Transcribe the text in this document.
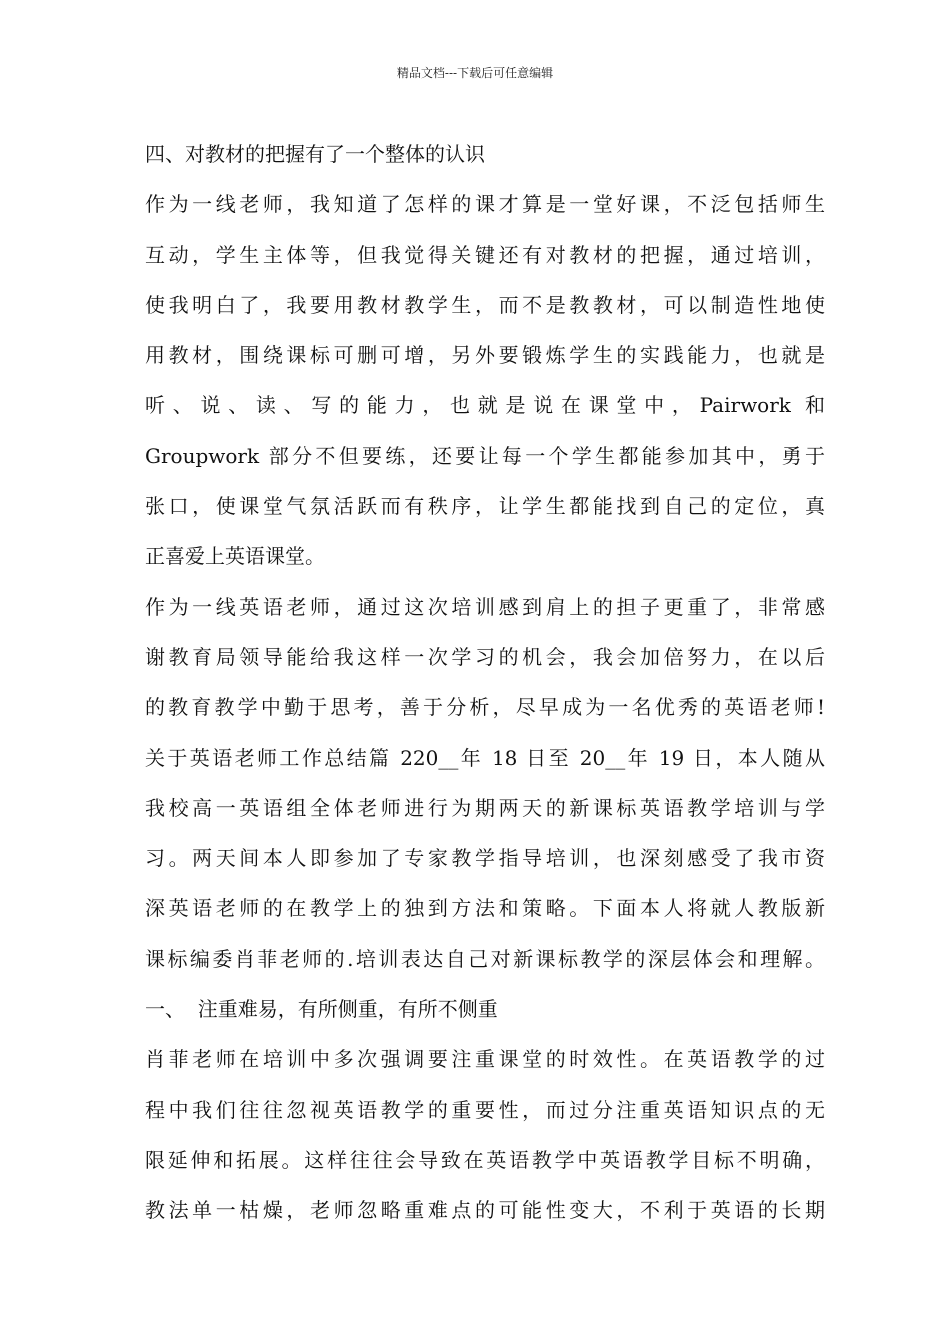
精品文档---下载后可任意编辑
四、对教材的把握有了一个整体的认识
作为一线老师，我知道了怎样的课才算是一堂好课，不泛包括师生
互动，学生主体等，但我觉得关键还有对教材的把握，通过培训，
使我明白了，我要用教材教学生，而不是教教材，可以制造性地使
用教材，围绕课标可删可增，另外要锻炼学生的实践能力，也就是
听、说、读、写的能力，也就是说在课堂中，Pairwork 和
Groupwork 部分不但要练，还要让每一个学生都能参加其中，勇于
张口，使课堂气氛活跃而有秩序，让学生都能找到自己的定位，真
正喜爱上英语课堂。
作为一线英语老师，通过这次培训感到肩上的担子更重了，非常感
谢教育局领导能给我这样一次学习的机会，我会加倍努力，在以后
的教育教学中勤于思考，善于分析，尽早成为一名优秀的英语老师!
关于英语老师工作总结篇 220__年 18 日至 20__年 19 日，本人随从
我校高一英语组全体老师进行为期两天的新课标英语教学培训与学
习。两天间本人即参加了专家教学指导培训，也深刻感受了我市资
深英语老师的在教学上的独到方法和策略。下面本人将就人教版新
课标编委肖菲老师的.培训表达自己对新课标教学的深层体会和理解。
一、  注重难易，有所侧重，有所不侧重
肖菲老师在培训中多次强调要注重课堂的时效性。在英语教学的过
程中我们往往忽视英语教学的重要性，而过分注重英语知识点的无
限延伸和拓展。这样往往会导致在英语教学中英语教学目标不明确，
教法单一枯燥，老师忽略重难点的可能性变大，不利于英语的长期
